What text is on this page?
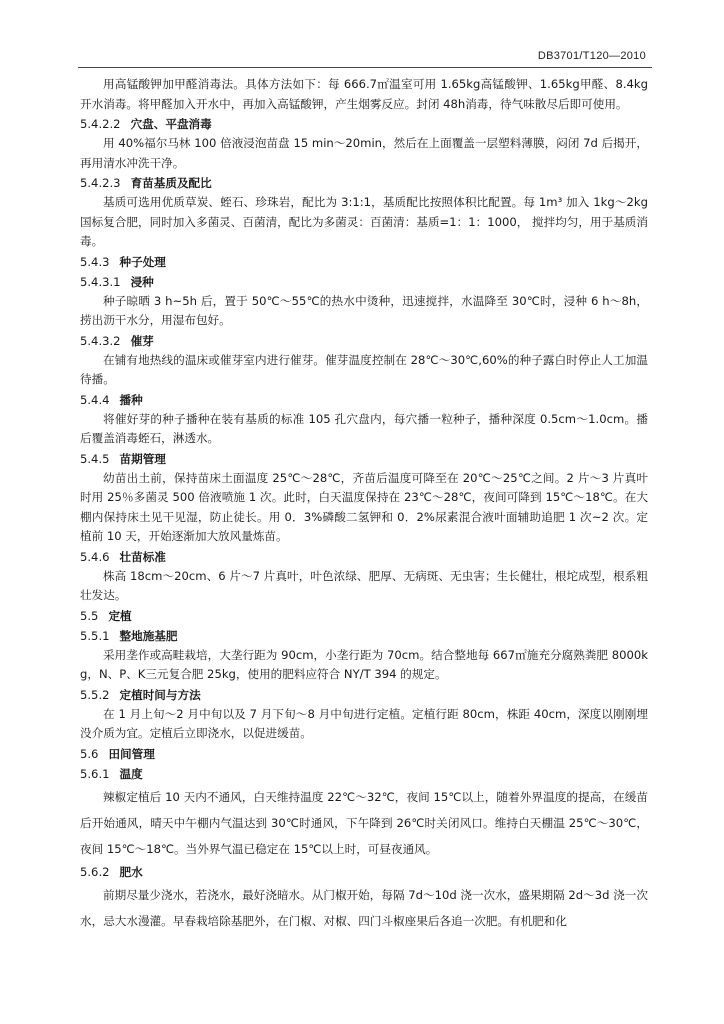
DB3701/T120—2010

用高锰酸钾加甲醛消毒法。具体方法如下：每 666.7㎡温室可用 1.65kg高锰酸钾、1.65kg甲醛、8.4kg开水消毒。将甲醛加入开水中，再加入高锰酸钾，产生烟雾反应。封闭 48h消毒，待气味散尽后即可使用。

5.4.2.2 穴盘、平盘消毒

用 40%福尔马林 100 倍液浸泡苗盘 15 min～20min，然后在上面覆盖一层塑料薄膜，闷闭 7d 后揭开，再用清水冲洗干净。

5.4.2.3 育苗基质及配比

基质可选用优质草炭、蛭石、珍珠岩，配比为 3:1:1，基质配比按照体积比配置。每 1m³ 加入 1kg～2kg 国标复合肥，同时加入多菌灵、百菌清，配比为多菌灵：百菌清：基质=1：1：1000， 搅拌均匀，用于基质消毒。

5.4.3 种子处理

5.4.3.1 浸种

种子晾晒 3 h~5h 后，置于 50℃～55℃的热水中烫种，迅速搅拌，水温降至 30℃时，浸种 6 h～8h，捞出沥干水分，用湿布包好。

5.4.3.2 催芽

在铺有地热线的温床或催芽室内进行催芽。催芽温度控制在 28℃～30℃,60%的种子露白时停止人工加温待播。

5.4.4 播种

将催好芽的种子播种在装有基质的标准 105 孔穴盘内，每穴播一粒种子，播种深度 0.5cm～1.0cm。播后覆盖消毒蛭石，淋透水。

5.4.5 苗期管理

幼苗出土前，保持苗床土面温度 25℃～28℃，齐苗后温度可降至在 20℃～25℃之间。2 片～3 片真叶时用 25％多菌灵 500 倍液喷施 1 次。此时，白天温度保持在 23℃～28℃，夜间可降到 15℃～18℃。在大棚内保持床土见干见湿，防止徒长。用 0．3%磷酸二氢钾和 0．2%尿素混合液叶面辅助追肥 1 次~2 次。定植前 10 天，开始逐渐加大放风量炼苗。

5.4.6 壮苗标准

株高 18cm～20cm、6 片～7 片真叶，叶色浓绿、肥厚、无病斑、无虫害；生长健壮，根坨成型，根系粗壮发达。

5.5 定植

5.5.1 整地施基肥

采用垄作或高畦栽培，大垄行距为 90cm，小垄行距为 70cm。结合整地每 667㎡施充分腐熟粪肥 8000kg，N、P、K三元复合肥 25kg，使用的肥料应符合 NY/T 394 的规定。

5.5.2 定植时间与方法

在 1 月上旬～2 月中旬以及 7 月下旬～8 月中旬进行定植。定植行距 80cm，株距 40cm，深度以刚刚埋没介质为宜。定植后立即浇水，以促进缓苗。

5.6 田间管理

5.6.1 温度

辣椒定植后 10 天内不通风，白天维持温度 22℃～32℃，夜间 15℃以上，随着外界温度的提高，在缓苗后开始通风，晴天中午棚内气温达到 30℃时通风，下午降到 26℃时关闭风口。维持白天棚温 25℃～30℃，夜间 15℃～18℃。当外界气温已稳定在 15℃以上时，可昼夜通风。

5.6.2 肥水

前期尽量少浇水，若浇水，最好浇暗水。从门椒开始，每隔 7d～10d 浇一次水，盛果期隔 2d～3d 浇一次水，忌大水漫灌。早春栽培除基肥外，在门椒、对椒、四门斗椒座果后各追一次肥。有机肥和化
